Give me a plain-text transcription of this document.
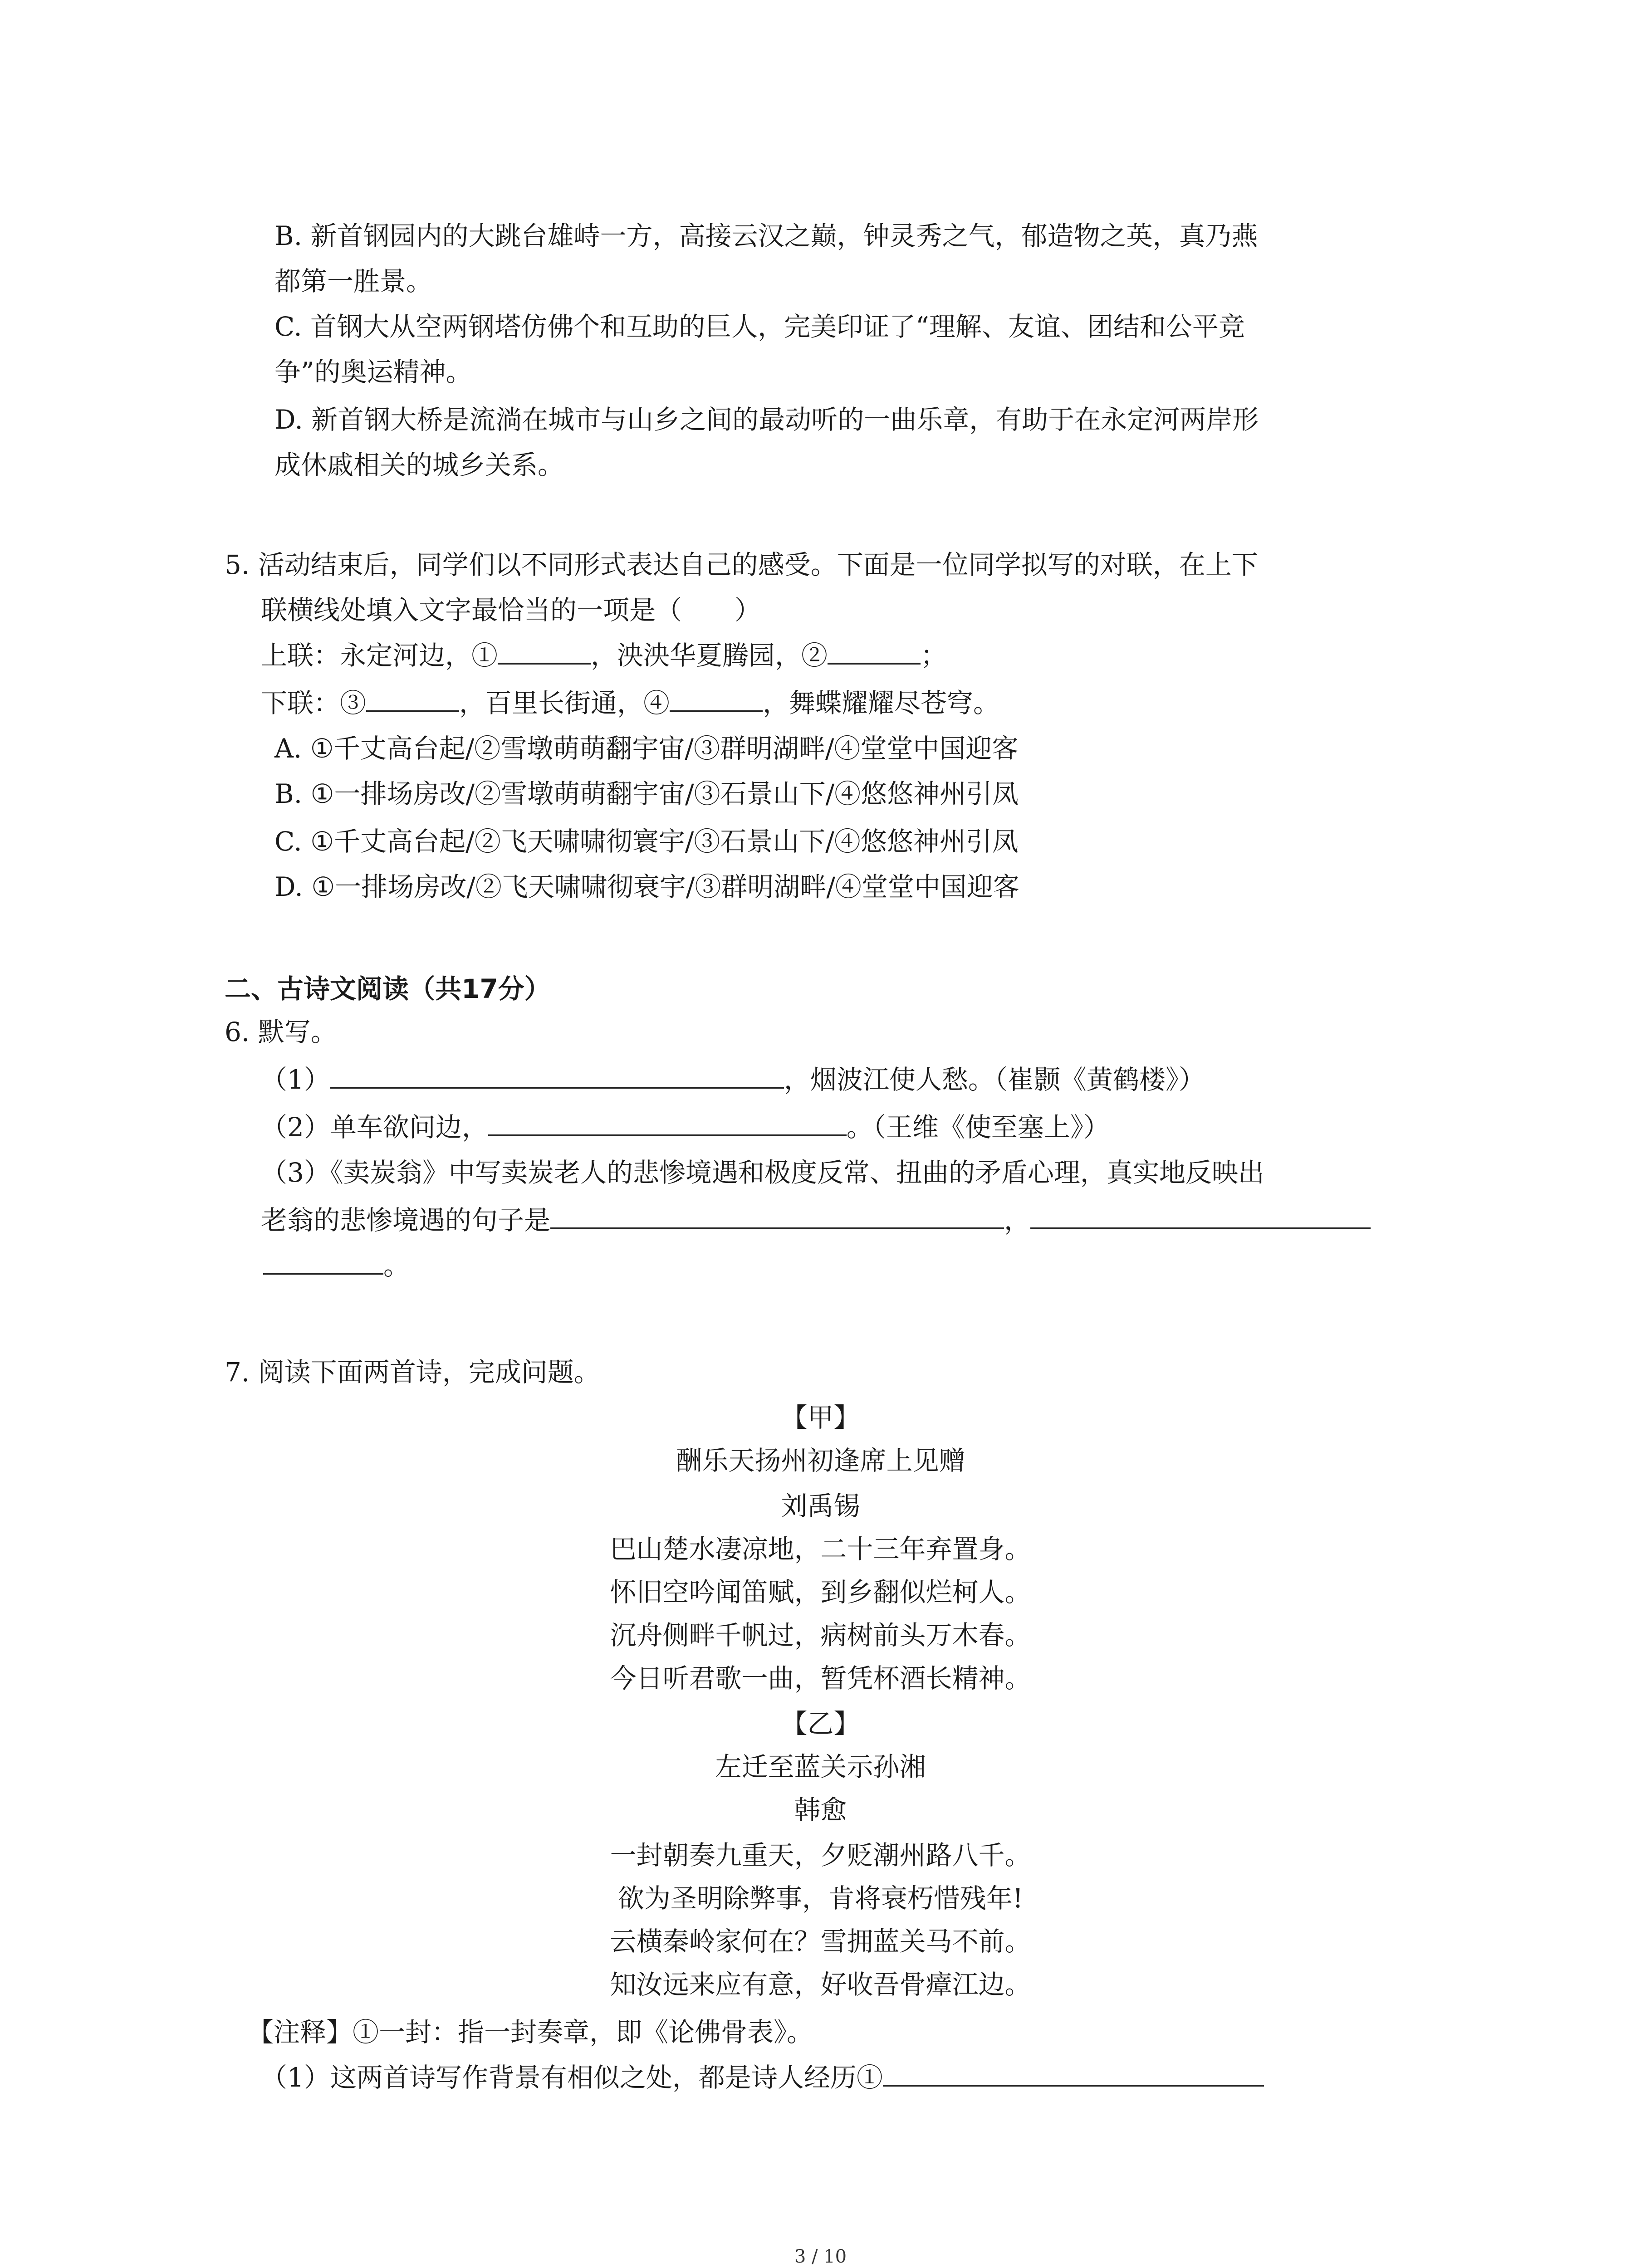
B. 新首钢园内的大跳台雄峙一方，高接云汉之巅，钟灵秀之气，郁造物之英，真乃燕
都第一胜景。
C. 首钢大从空两钢塔仿佛个和互助的巨人，完美印证了“理解、友谊、团结和公平竞
争”的奥运精神。
D. 新首钢大桥是流淌在城市与山乡之间的最动听的一曲乐章，有助于在永定河两岸形
成休戚相关的城乡关系。
5. 活动结束后，同学们以不同形式表达自己的感受。下面是一位同学拟写的对联，在上下
联横线处填入文字最恰当的一项是（　　）
上联：永定河边，①	，泱泱华夏腾园，②	；
下联：③	，百里长街通，④	，舞蝶耀耀尽苍穹。
A. ①千丈高台起/②雪墩萌萌翻宇宙/③群明湖畔/④堂堂中国迎客
B. ①一排场房改/②雪墩萌萌翻宇宙/③石景山下/④悠悠神州引凤
C. ①千丈高台起/②飞天啸啸彻寰宇/③石景山下/④悠悠神州引凤
D. ①一排场房改/②飞天啸啸彻衰宇/③群明湖畔/④堂堂中国迎客
二、古诗文阅读（共17分）
6. 默写。
（1）	，烟波江使人愁。（崔颢《黄鹤楼》）
（2）单车欲问边，	。（王维《使至塞上》）
（3）《卖炭翁》中写卖炭老人的悲惨境遇和极度反常、扭曲的矛盾心理，真实地反映出
老翁的悲惨境遇的句子是	，
。
7. 阅读下面两首诗，完成问题。
【甲】
酬乐天扬州初逢席上见赠
刘禹锡
巴山楚水凄凉地，二十三年弃置身。
怀旧空吟闻笛赋，到乡翻似烂柯人。
沉舟侧畔千帆过，病树前头万木春。
今日听君歌一曲，暂凭杯酒长精神。
【乙】
左迁至蓝关示孙湘
韩愈
一封朝奏九重天，夕贬潮州路八千。
欲为圣明除弊事，肯将衰朽惜残年!
云横秦岭家何在？雪拥蓝关马不前。
知汝远来应有意，好收吾骨瘴江边。
【注释】①一封：指一封奏章，即《论佛骨表》。
（1）这两首诗写作背景有相似之处，都是诗人经历①
3 / 10
